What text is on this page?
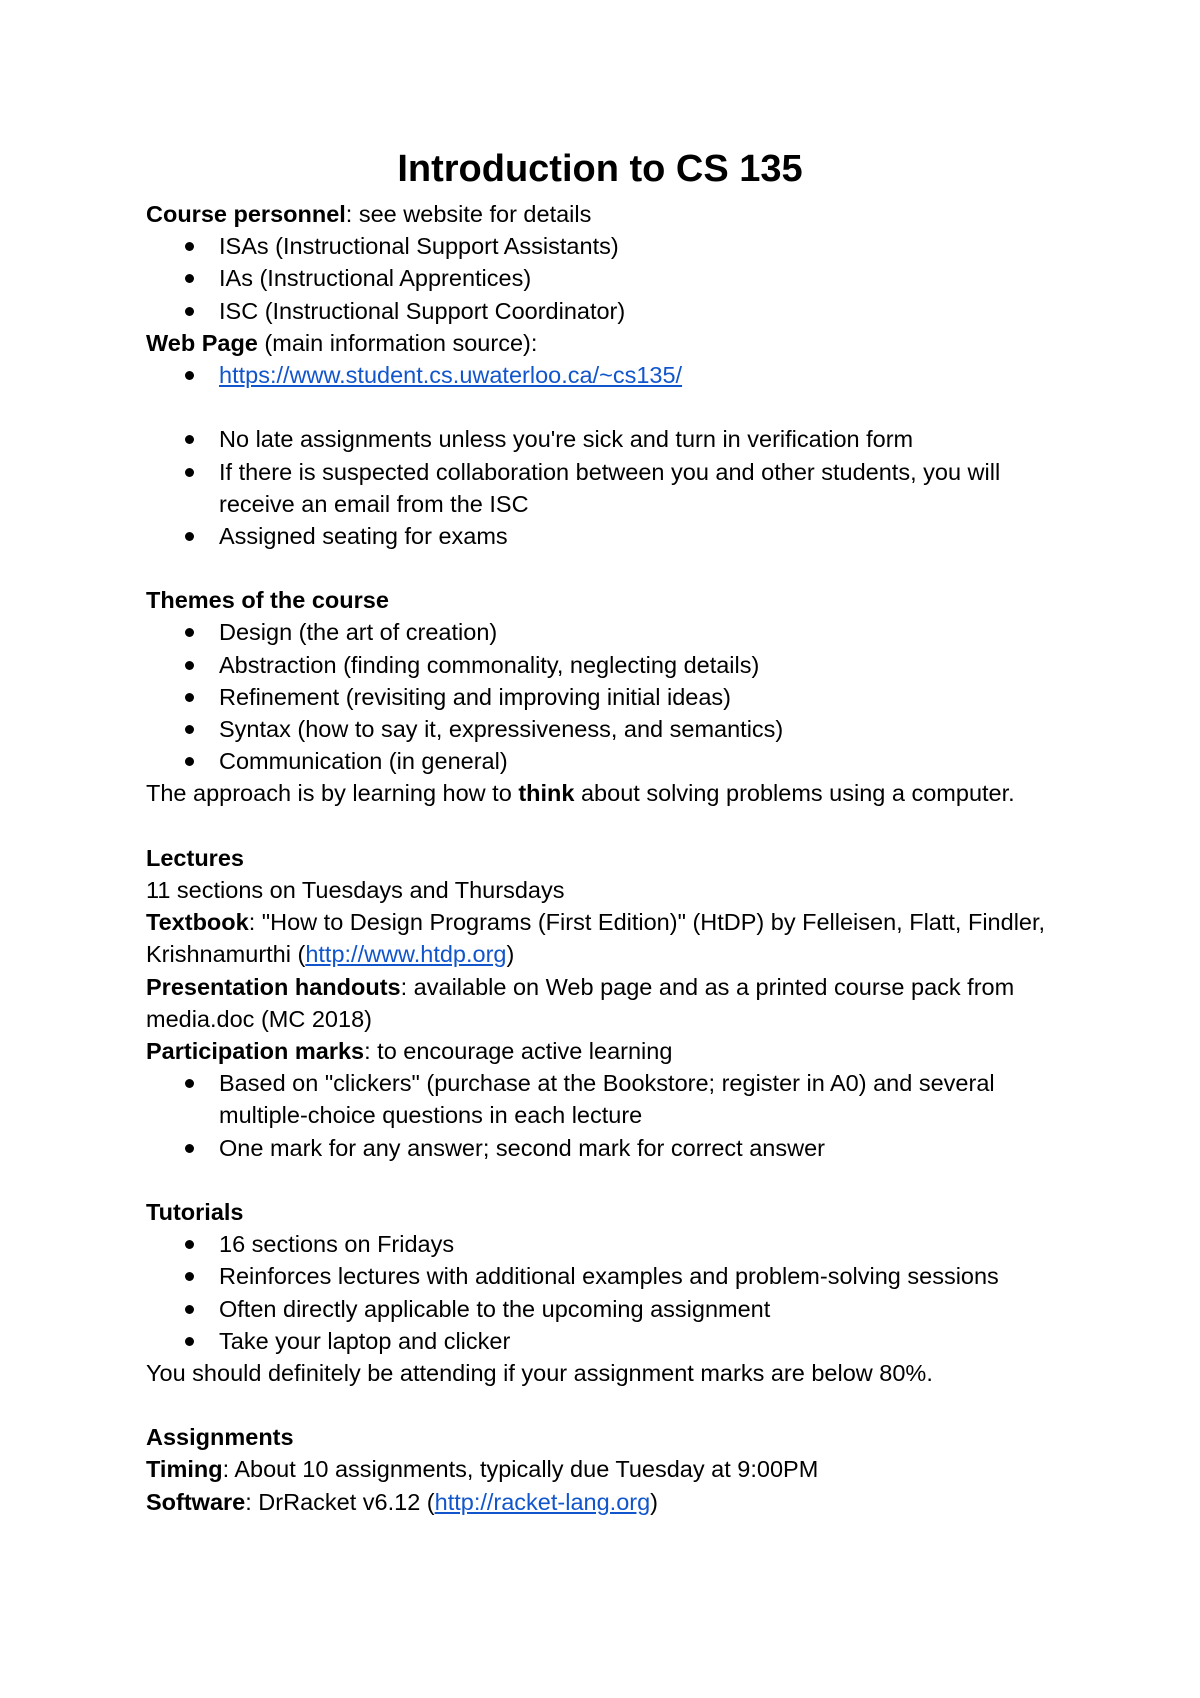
Introduction to CS 135
Course personnel: see website for details
ISAs (Instructional Support Assistants)
IAs (Instructional Apprentices)
ISC (Instructional Support Coordinator)
Web Page (main information source):
https://www.student.cs.uwaterloo.ca/~cs135/
No late assignments unless you're sick and turn in verification form
If there is suspected collaboration between you and other students, you will receive an email from the ISC
Assigned seating for exams
Themes of the course
Design (the art of creation)
Abstraction (finding commonality, neglecting details)
Refinement (revisiting and improving initial ideas)
Syntax (how to say it, expressiveness, and semantics)
Communication (in general)
The approach is by learning how to think about solving problems using a computer.
Lectures
11 sections on Tuesdays and Thursdays
Textbook: "How to Design Programs (First Edition)" (HtDP) by Felleisen, Flatt, Findler, Krishnamurthi (http://www.htdp.org)
Presentation handouts: available on Web page and as a printed course pack from media.doc (MC 2018)
Participation marks: to encourage active learning
Based on "clickers" (purchase at the Bookstore; register in A0) and several multiple-choice questions in each lecture
One mark for any answer; second mark for correct answer
Tutorials
16 sections on Fridays
Reinforces lectures with additional examples and problem-solving sessions
Often directly applicable to the upcoming assignment
Take your laptop and clicker
You should definitely be attending if your assignment marks are below 80%.
Assignments
Timing: About 10 assignments, typically due Tuesday at 9:00PM
Software: DrRacket v6.12 (http://racket-lang.org)
